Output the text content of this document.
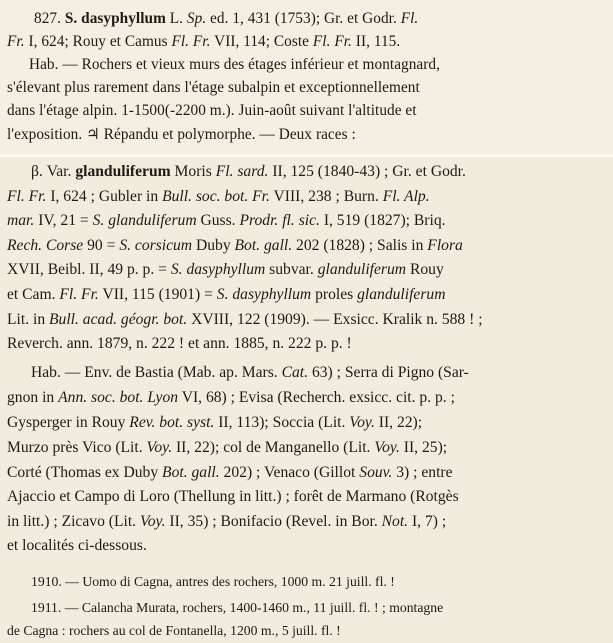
827. S. dasyphyllum L. Sp. ed. 1, 431 (1753); Gr. et Godr. Fl.
Fr. I, 624; Rouy et Camus Fl. Fr. VII, 114; Coste Fl. Fr. II, 115.
Hab. — Rochers et vieux murs des étages inférieur et montagnard,
s'élevant plus rarement dans l'étage subalpin et exceptionnellement
dans l'étage alpin. 1-1500(-2200 m.). Juin-août suivant l'altitude et
l'exposition. ♃ Répandu et polymorphe. — Deux races :
β. Var. glanduliferum Moris Fl. sard. II, 125 (1840-43) ; Gr. et Godr.
Fl. Fr. I, 624 ; Gubler in Bull. soc. bot. Fr. VIII, 238 ; Burn. Fl. Alp.
mar. IV, 21 = S. glanduliferum Guss. Prodr. fl. sic. I, 519 (1827); Briq.
Rech. Corse 90 = S. corsicum Duby Bot. gall. 202 (1828) ; Salis in Flora
XVII, Beibl. II, 49 p. p. = S. dasyphyllum subvar. glanduliferum Rouy
et Cam. Fl. Fr. VII, 115 (1901) = S. dasyphyllum proles glanduliferum
Lit. in Bull. acad. géogr. bot. XVIII, 122 (1909). — Exsicc. Kralik n. 588 ! ;
Reverch. ann. 1879, n. 222 ! et ann. 1885, n. 222 p. p. !
Hab. — Env. de Bastia (Mab. ap. Mars. Cat. 63) ; Serra di Pigno (Sar-
gnon in Ann. soc. bot. Lyon VI, 68) ; Evisa (Recherch. exsicc. cit. p. p. ;
Gysperger in Rouy Rev. bot. syst. II, 113); Soccia (Lit. Voy. II, 22);
Murzo près Vico (Lit. Voy. II, 22); col de Manganello (Lit. Voy. II, 25);
Corté (Thomas ex Duby Bot. gall. 202) ; Venaco (Gillot Souv. 3) ; entre
Ajaccio et Campo di Loro (Thellung in litt.) ; forêt de Marmano (Rotgès
in litt.) ; Zicavo (Lit. Voy. II, 35) ; Bonifacio (Revel. in Bor. Not. I, 7) ;
et localités ci-dessous.
1910. — Uomo di Cagna, antres des rochers, 1000 m. 21 juill. fl. !
1911. — Calancha Murata, rochers, 1400-1460 m., 11 juill. fl. ! ; montagne
de Cagna : rochers au col de Fontanella, 1200 m., 5 juill. fl. !
